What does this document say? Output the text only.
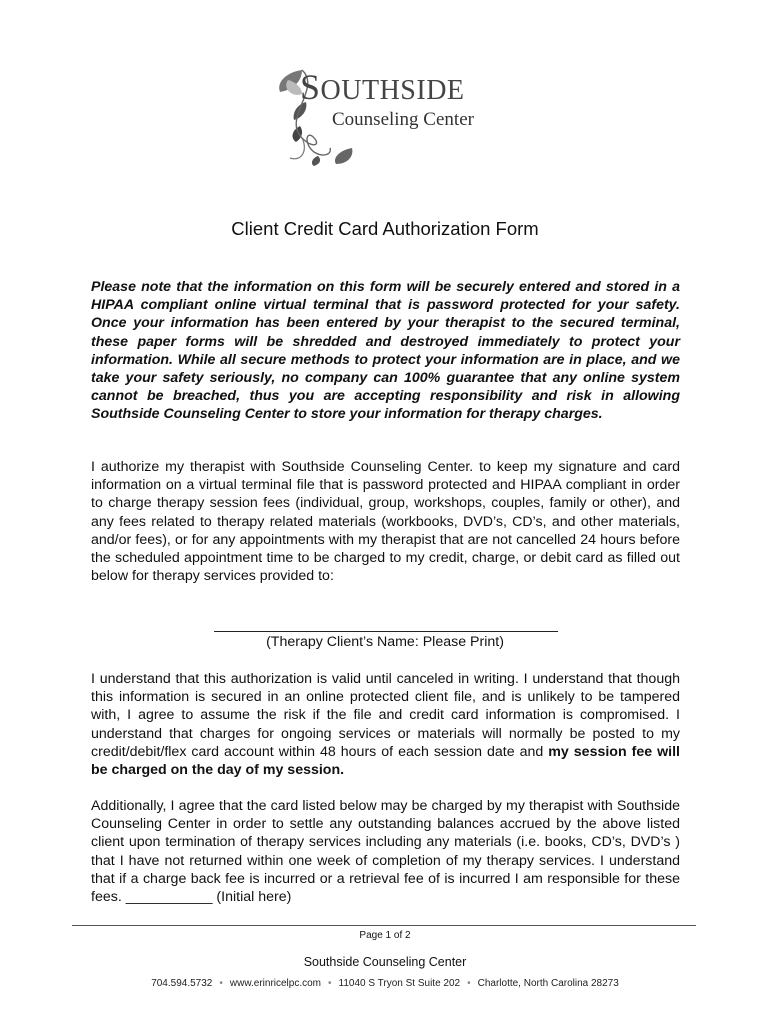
SOUTHSIDE
Counseling Center
Client Credit Card Authorization Form

Please note that the information on this form will be securely entered and stored in a HIPAA compliant online virtual terminal that is password protected for your safety. Once your information has been entered by your therapist to the secured terminal, these paper forms will be shredded and destroyed immediately to protect your information. While all secure methods to protect your information are in place, and we take your safety seriously, no company can 100% guarantee that any online system cannot be breached, thus you are accepting responsibility and risk in allowing Southside Counseling Center to store your information for therapy charges.

I authorize my therapist with Southside Counseling Center. to keep my signature and card information on a virtual terminal file that is password protected and HIPAA compliant in order to charge therapy session fees (individual, group, workshops, couples, family or other), and any fees related to therapy related materials (workbooks, DVD’s, CD’s, and other materials, and/or fees), or for any appointments with my therapist that are not cancelled 24 hours before the scheduled appointment time to be charged to my credit, charge, or debit card as filled out below for therapy services provided to:

(Therapy Client’s Name: Please Print)

I understand that this authorization is valid until canceled in writing. I understand that though this information is secured in an online protected client file, and is unlikely to be tampered with, I agree to assume the risk if the file and credit card information is compromised. I understand that charges for ongoing services or materials will normally be posted to my credit/debit/flex card account within 48 hours of each session date and my session fee will be charged on the day of my session.

Additionally, I agree that the card listed below may be charged by my therapist with Southside Counseling Center in order to settle any outstanding balances accrued by the above listed client upon termination of therapy services including any materials (i.e. books, CD’s, DVD’s ) that I have not returned within one week of completion of my therapy services. I understand that if a charge back fee is incurred or a retrieval fee of is incurred I am responsible for these fees. ___________ (Initial here)

Page 1 of 2
Southside Counseling Center
704.594.5732 • www.erinricelpc.com • 11040 S Tryon St Suite 202 • Charlotte, North Carolina 28273
